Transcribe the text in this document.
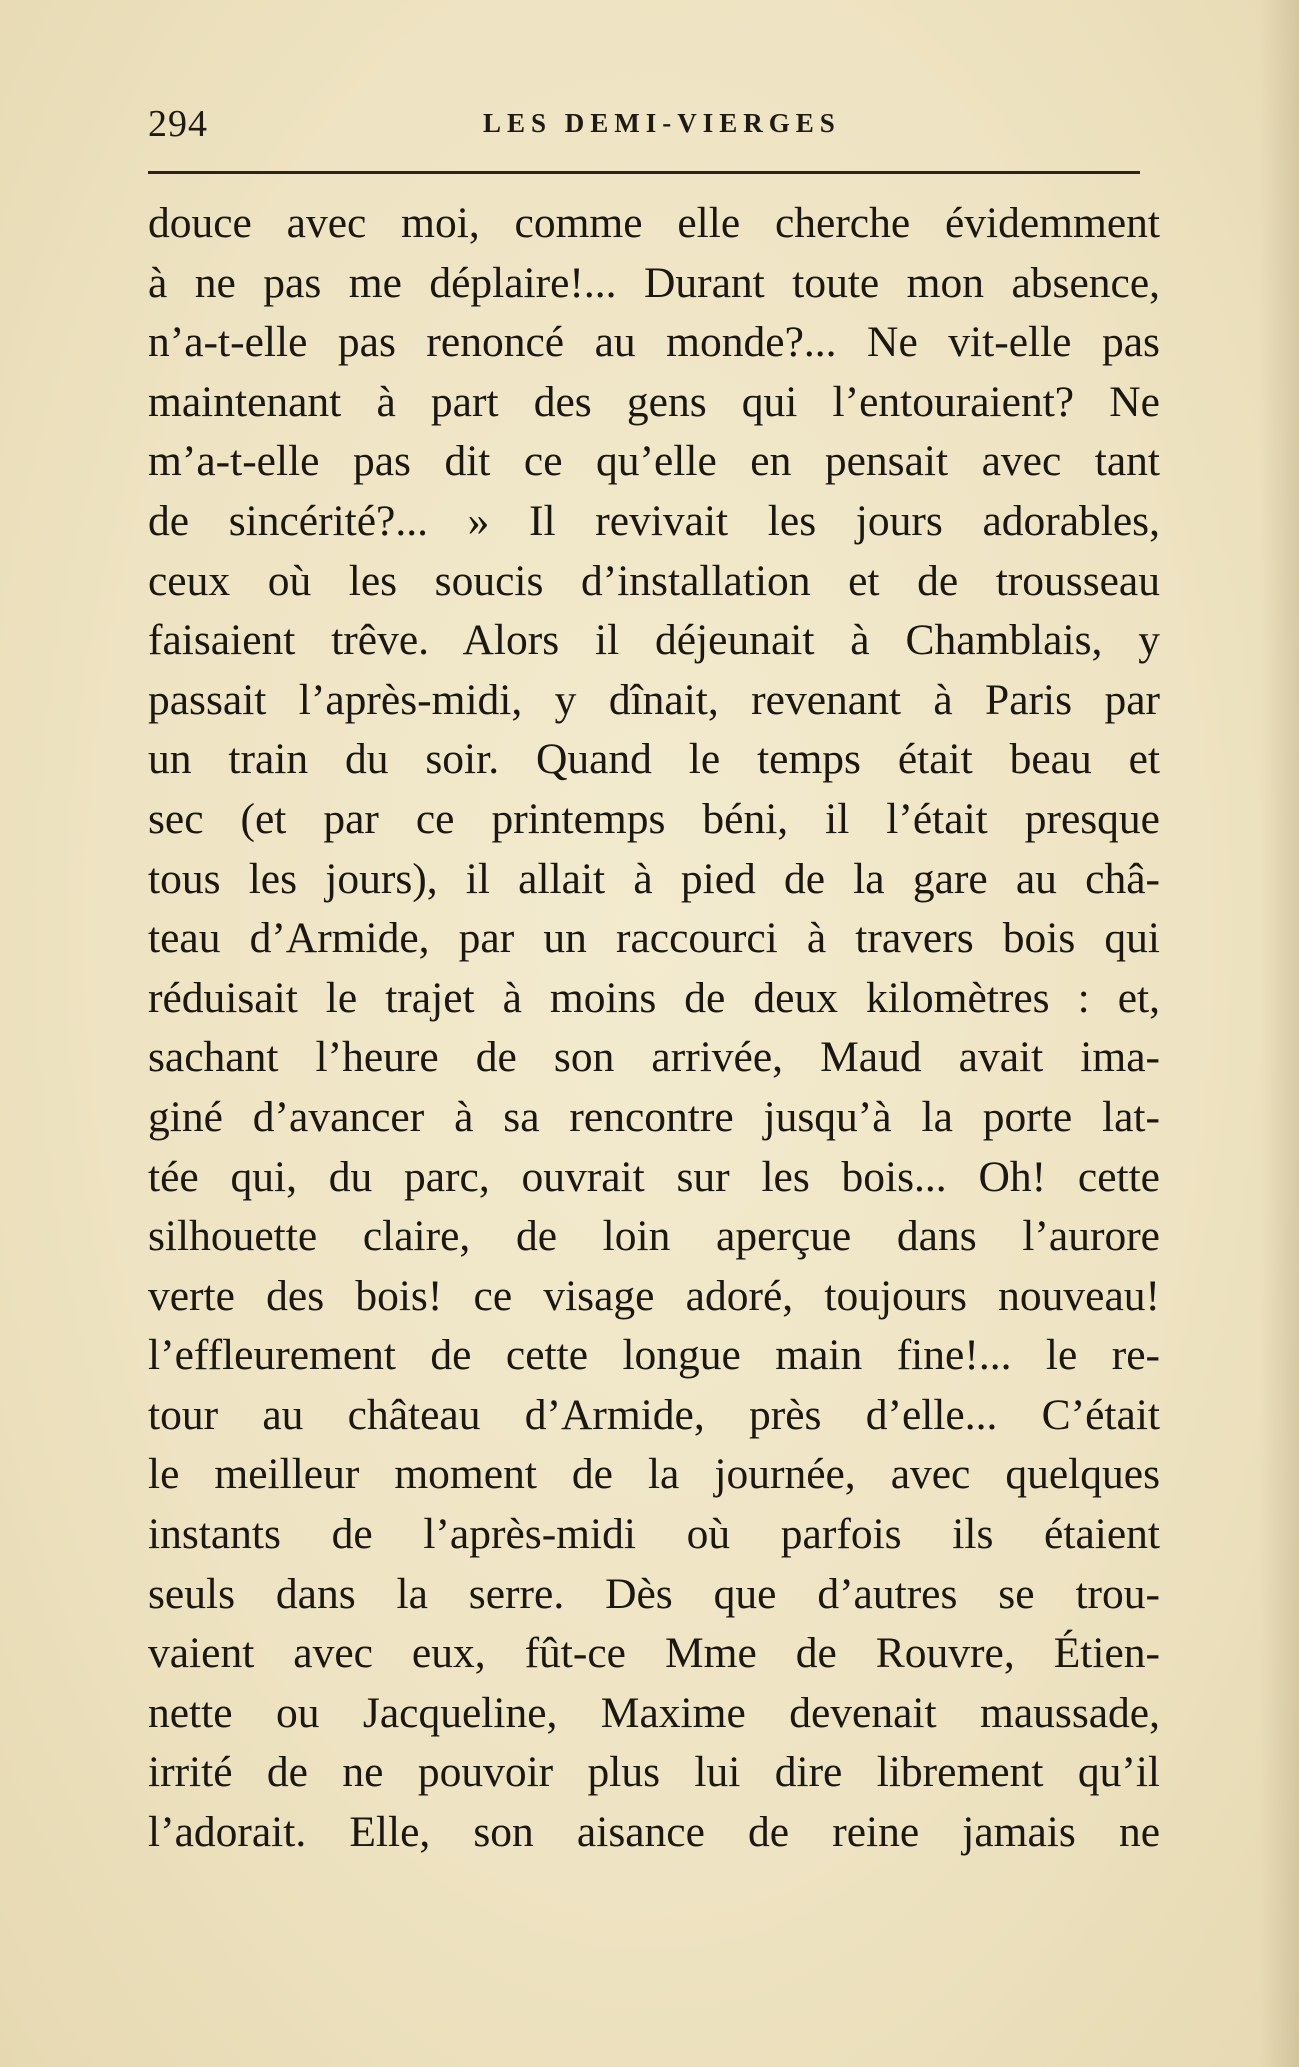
294	LES DEMI-VIERGES
douce avec moi, comme elle cherche évidemment
à ne pas me déplaire!... Durant toute mon absence,
n’a-t-elle pas renoncé au monde?... Ne vit-elle pas
maintenant à part des gens qui l’entouraient? Ne
m’a-t-elle pas dit ce qu’elle en pensait avec tant
de sincérité?... » Il revivait les jours adorables,
ceux où les soucis d’installation et de trousseau
faisaient trêve. Alors il déjeunait à Chamblais, y
passait l’après-midi, y dînait, revenant à Paris par
un train du soir. Quand le temps était beau et
sec (et par ce printemps béni, il l’était presque
tous les jours), il allait à pied de la gare au châ-
teau d’Armide, par un raccourci à travers bois qui
réduisait le trajet à moins de deux kilomètres : et,
sachant l’heure de son arrivée, Maud avait ima-
giné d’avancer à sa rencontre jusqu’à la porte lat-
tée qui, du parc, ouvrait sur les bois... Oh! cette
silhouette claire, de loin aperçue dans l’aurore
verte des bois! ce visage adoré, toujours nouveau!
l’effleurement de cette longue main fine!... le re-
tour au château d’Armide, près d’elle... C’était
le meilleur moment de la journée, avec quelques
instants de l’après-midi où parfois ils étaient
seuls dans la serre. Dès que d’autres se trou-
vaient avec eux, fût-ce Mme de Rouvre, Étien-
nette ou Jacqueline, Maxime devenait maussade,
irrité de ne pouvoir plus lui dire librement qu’il
l’adorait. Elle, son aisance de reine jamais ne
